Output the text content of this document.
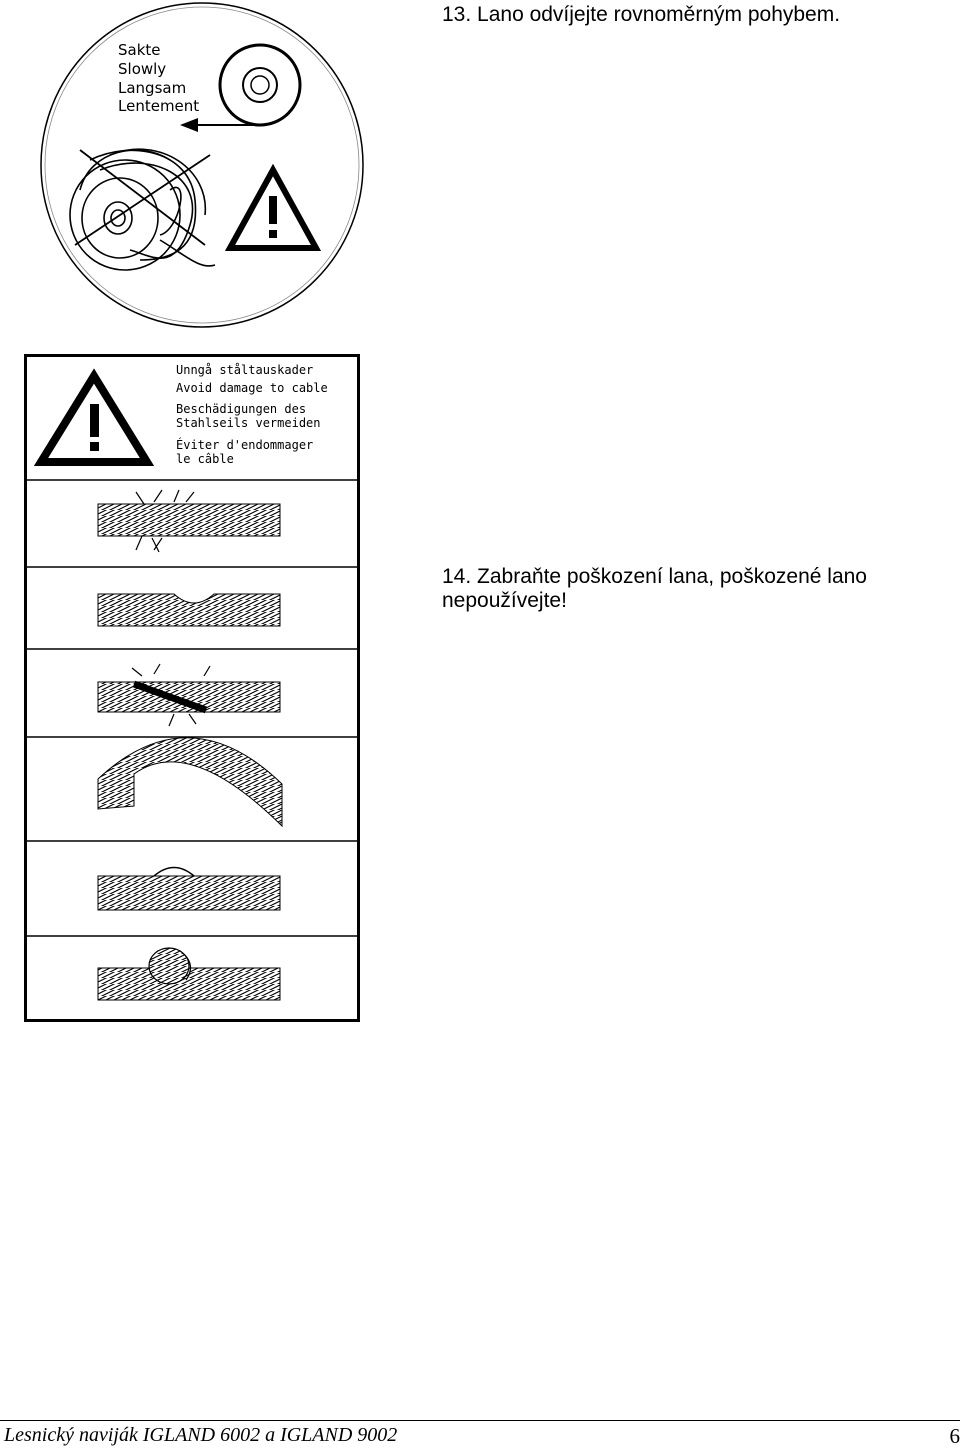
13. Lano odvíjejte rovnoměrným pohybem.
Sakte
Slowly
Langsam
Lentement
Unngå ståltauskader
Avoid damage to cable
Beschädigungen des
Stahlseils vermeiden
Éviter d'endommager
le câble
14. Zabraňte poškození lana, poškozené lano nepoužívejte!
Lesnický naviják IGLAND 6002 a IGLAND 9002	6
